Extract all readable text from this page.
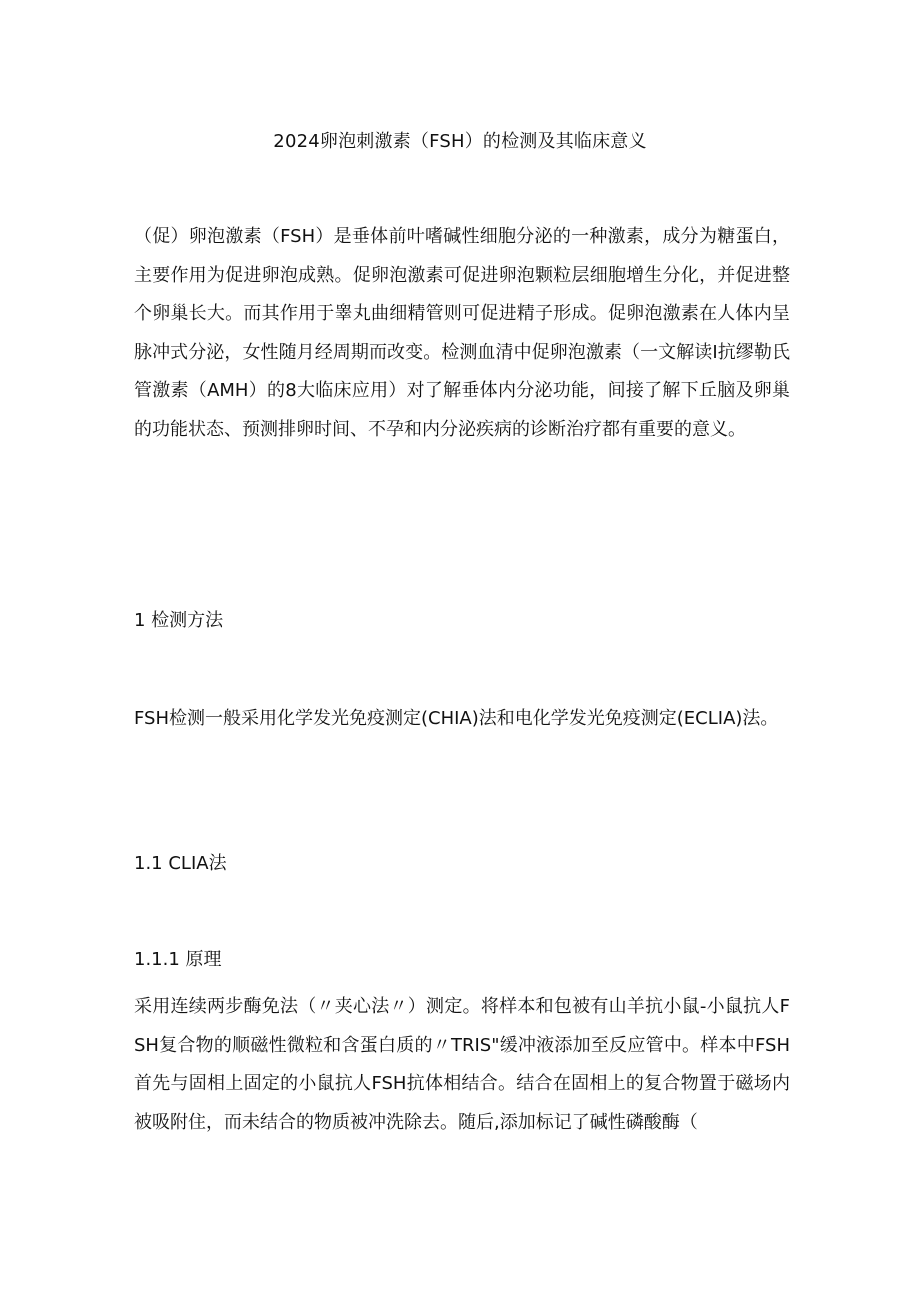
2024卵泡刺激素（FSH）的检测及其临床意义

（促）卵泡激素（FSH）是垂体前叶嗜碱性细胞分泌的一种激素，成分为糖蛋白，主要作用为促进卵泡成熟。促卵泡激素可促进卵泡颗粒层细胞增生分化，并促进整个卵巢长大。而其作用于睾丸曲细精管则可促进精子形成。促卵泡激素在人体内呈脉冲式分泌，女性随月经周期而改变。检测血清中促卵泡激素（一文解读I抗缪勒氏管激素（AMH）的8大临床应用）对了解垂体内分泌功能，间接了解下丘脑及卵巢的功能状态、预测排卵时间、不孕和内分泌疾病的诊断治疗都有重要的意义。

1 检测方法

FSH检测一般采用化学发光免疫测定(CHIA)法和电化学发光免疫测定(ECLIA)法。

1.1 CLIA法

1.1.1 原理

采用连续两步酶免法（〃夹心法〃）测定。将样本和包被有山羊抗小鼠-小鼠抗人FSH复合物的顺磁性微粒和含蛋白质的〃TRIS"缓冲液添加至反应管中。样本中FSH首先与固相上固定的小鼠抗人FSH抗体相结合。结合在固相上的复合物置于磁场内被吸附住，而未结合的物质被冲洗除去。随后,添加标记了碱性磷酸酶（
